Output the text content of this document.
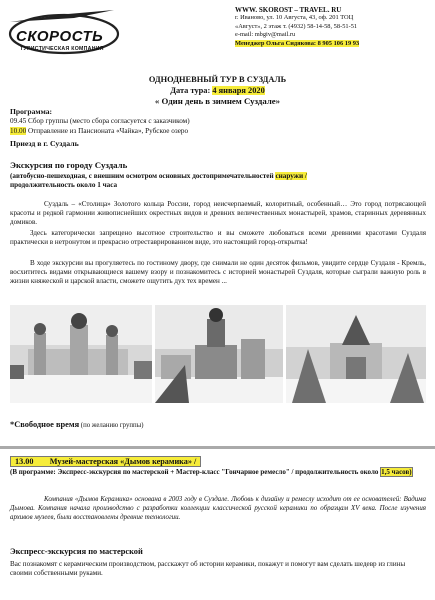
СКОРОСТЬ
ТУРИСТИЧЕСКАЯ КОМПАНИЯ
WWW. SKOROST – TRAVEL. RU
г. Иваново, ул. 10 Августа, 43, оф. 201 ТОЦ
«Август», 2 этаж т. (4932) 58-14-58, 58-51-51
e-mail: mbgiv@mail.ru
Менеджер Ольга Сидякова: 8 905 106 19 93
ОДНОДНЕВНЫЙ ТУР В СУЗДАЛЬ
Дата тура: 4 января 2020
« Один день в зимнем Суздале»
Программа:
09.45 Сбор группы (место сбора согласуется с заказчиком)
10.00 Отправление из Пансионата «Чайка», Рубское озеро
Приезд в г. Суздаль
Экскурсия по городу Суздаль
(автобусно-пешеходная, с внешним осмотром основных достопримечательностей снаружи /
продолжительность около 1 часа
Суздаль – «Столица» Золотого кольца России, город неисчерпаемый, колоритный, особенный… Это город потрясающей красоты и редкой гармонии живописнейших окрестных видов и древних величественных монастырей, храмов, старинных деревянных домиков.
Здесь категорически запрещено высотное строительство и вы сможете любоваться всеми древними красотами Суздаля практически в нетронутом и прекрасно отреставрированном виде, это настоящий город-открытка!
В ходе экскурсии вы прогуляетесь по гостиному двору, где снимали не один десяток фильмов, увидите сердце Суздаля - Кремль, восхититесь видами открывающиеся вашему взору и познакомитесь с историей монастырей Суздаля, которые сыграли важную роль в жизни княжеской и царской власти, сможете ощутить дух тех времен ...
*Свободное время (по желанию группы)
13.00 Музей-мастерская «Дымов керамика» /
(В программе: Экспресс-экскурсия по мастерской + Мастер-класс "Гончарное ремесло" / продолжительность около 1,5 часов)
Компания «Дымов Керамика» основана в 2003 году в Суздале. Любовь к дизайну и ремеслу исходит от ее основателей: Вадима Дымова. Компания начала производство с разработки коллекции классической русской керамики по образцам XV века. После изучения архивов музеев, были восстановлены древние технологии.
Экспресс-экскурсия по мастерской
Вас познакомят с керамическим производством, расскажут об истории керамики, покажут и помогут вам сделать шедевр из глины своими собственными руками.
